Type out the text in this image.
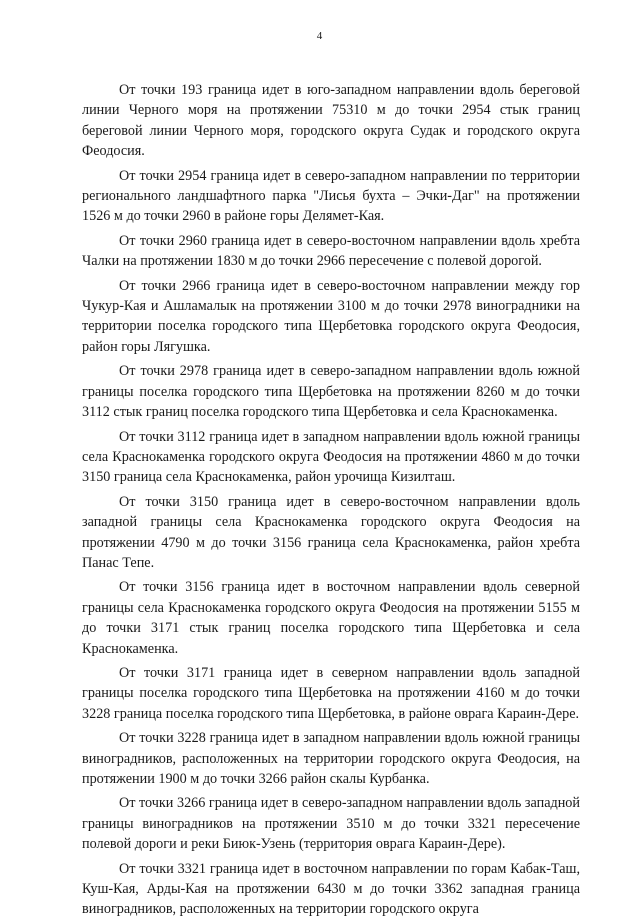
4

От точки 193 граница идет в юго-западном направлении вдоль береговой линии Черного моря на протяжении 75310 м до точки 2954 стык границ береговой линии Черного моря, городского округа Судак и городского округа Феодосия.

От точки 2954 граница идет в северо-западном направлении по территории регионального ландшафтного парка "Лисья бухта – Эчки-Даг" на протяжении 1526 м до точки 2960 в районе горы Делямет-Кая.

От точки 2960 граница идет в северо-восточном направлении вдоль хребта Чалки на протяжении 1830 м до точки 2966 пересечение с полевой дорогой.

От точки 2966 граница идет в северо-восточном направлении между гор Чукур-Кая и Ашламалык на протяжении 3100 м до точки 2978 виноградники на территории поселка городского типа Щербетовка городского округа Феодосия, район горы Лягушка.

От точки 2978 граница идет в северо-западном направлении вдоль южной границы поселка городского типа Щербетовка на протяжении 8260 м до точки 3112 стык границ поселка городского типа Щербетовка и села Краснокаменка.

От точки 3112 граница идет в западном направлении вдоль южной границы села Краснокаменка городского округа Феодосия на протяжении 4860 м до точки 3150 граница села Краснокаменка, район урочища Кизилташ.

От точки 3150 граница идет в северо-восточном направлении вдоль западной границы села Краснокаменка городского округа Феодосия на протяжении 4790 м до точки 3156 граница села Краснокаменка, район хребта Панас Тепе.

От точки 3156 граница идет в восточном направлении вдоль северной границы села Краснокаменка городского округа Феодосия на протяжении 5155 м до точки 3171 стык границ поселка городского типа Щербетовка и села Краснокаменка.

От точки 3171 граница идет в северном направлении вдоль западной границы поселка городского типа Щербетовка на протяжении 4160 м до точки 3228 граница поселка городского типа Щербетовка, в районе оврага Караин-Дере.

От точки 3228 граница идет в западном направлении вдоль южной границы виноградников, расположенных на территории городского округа Феодосия, на протяжении 1900 м до точки 3266 район скалы Курбанка.

От точки 3266 граница идет в северо-западном направлении вдоль западной границы виноградников на протяжении 3510 м до точки 3321 пересечение полевой дороги и реки Биюк-Узень (территория оврага Караин-Дере).

От точки 3321 граница идет в восточном направлении по горам Кабак-Таш, Куш-Кая, Арды-Кая на протяжении 6430 м до точки 3362 западная граница виноградников, расположенных на территории городского округа
